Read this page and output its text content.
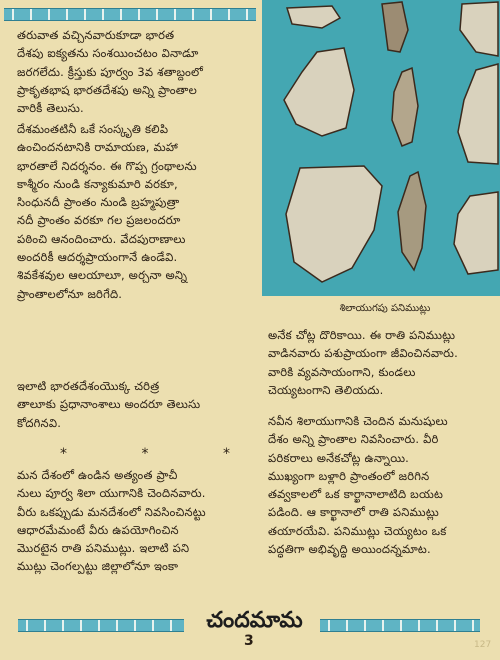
తరువాత వచ్చినవారుకూడా భారత
దేశపు ఐక్యతను సంశయించటం వినాడూ
జరగలేదు. క్రీస్తుకు పూర్వం 3వ శతాబ్దంలో
ప్రాకృతభాష భారతదేశపు అన్ని ప్రాంతాల
వారికీ తెలుసు.
దేశమంతటినీ ఒకే సంస్కృతి కలిపి
ఉంచిందనటానికి రామాయణ, మహా
భారతాలే నిదర్శనం. ఈ గొప్ప గ్రంథాలను
కాశ్మీరం నుండి కన్యాకుమారి వరకూ,
సింధునదీ ప్రాంతం నుండి బ్రహ్మపుత్రా
నదీ ప్రాంతం వరకూ గల ప్రజలందరూ
పఠించి ఆనందించారు. వేదపురాణాలు
అందరికీ ఆదర్శప్రాయంగానే ఉండేవి.
శివకేశవుల ఆలయాలూ, అర్చనా అన్ని
ప్రాంతాలలోనూ జరిగేది.
ఇలాటి భారతదేశంయొక్క చరిత్ర
తాలూకు ప్రధానాంశాలు అందరూ తెలుసు
కోదగినవి.
*	*	*
మన దేశంలో ఉండిన అత్యంత ప్రాచీ
నులు పూర్వ శిలా యుగానికి చెందినవారు.
వీరు ఒకప్పుడు మనదేశంలో నివసించినట్టు
ఆధారమేమంటే వీరు ఉపయోగించిన
మొరటైన రాతి పనిముట్లు. ఇలాటి పని
ముట్లు చెంగల్పట్టు జిల్లాలోనూ ఇంకా
శిలాయుగపు పనిముట్లు
అనేక చోట్ల దొరికాయి. ఈ రాతి పనిముట్లు
వాడినవారు పశుప్రాయంగా జీవించినవారు.
వారికి వ్యవసాయంగాని, కుండలు
చెయ్యటంగాని తెలియదు.
నవీన శిలాయుగానికి చెందిన మనుషులు
దేశం అన్ని ప్రాంతాల నివసించారు. వీరి
పరికరాలు అనేకచోట్ల ఉన్నాయి.
ముఖ్యంగా బళ్లారి ప్రాంతంలో జరిగిన
తవ్వకాలలో ఒక కార్ఖానాలాటిది బయట
పడింది. ఆ కార్ఖానాలో రాతి పనిముట్లు
తయారయేవి. పనిముట్లు చెయ్యటం ఒక
పద్ధతిగా అభివృద్ధి అయిందన్నమాట.
చందమామ
3	127
